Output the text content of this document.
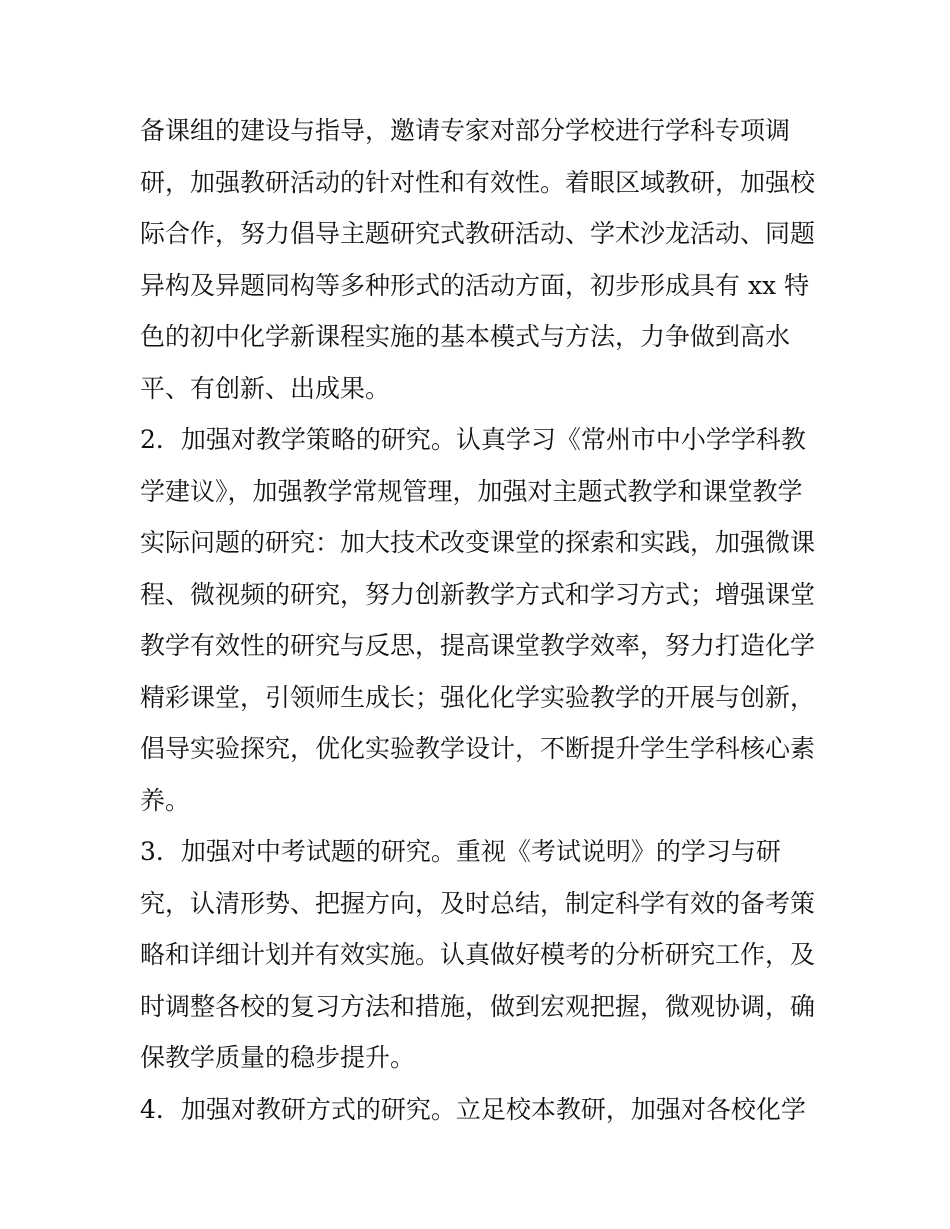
备课组的建设与指导，邀请专家对部分学校进行学科专项调
研，加强教研活动的针对性和有效性。着眼区域教研，加强校
际合作，努力倡导主题研究式教研活动、学术沙龙活动、同题
异构及异题同构等多种形式的活动方面，初步形成具有 xx 特
色的初中化学新课程实施的基本模式与方法，力争做到高水
平、有创新、出成果。
2．加强对教学策略的研究。认真学习《常州市中小学学科教
学建议》，加强教学常规管理，加强对主题式教学和课堂教学
实际问题的研究：加大技术改变课堂的探索和实践，加强微课
程、微视频的研究，努力创新教学方式和学习方式；增强课堂
教学有效性的研究与反思，提高课堂教学效率，努力打造化学
精彩课堂，引领师生成长；强化化学实验教学的开展与创新，
倡导实验探究，优化实验教学设计，不断提升学生学科核心素
养。
3．加强对中考试题的研究。重视《考试说明》的学习与研
究，认清形势、把握方向，及时总结，制定科学有效的备考策
略和详细计划并有效实施。认真做好模考的分析研究工作，及
时调整各校的复习方法和措施，做到宏观把握，微观协调，确
保教学质量的稳步提升。
4．加强对教研方式的研究。立足校本教研，加强对各校化学
